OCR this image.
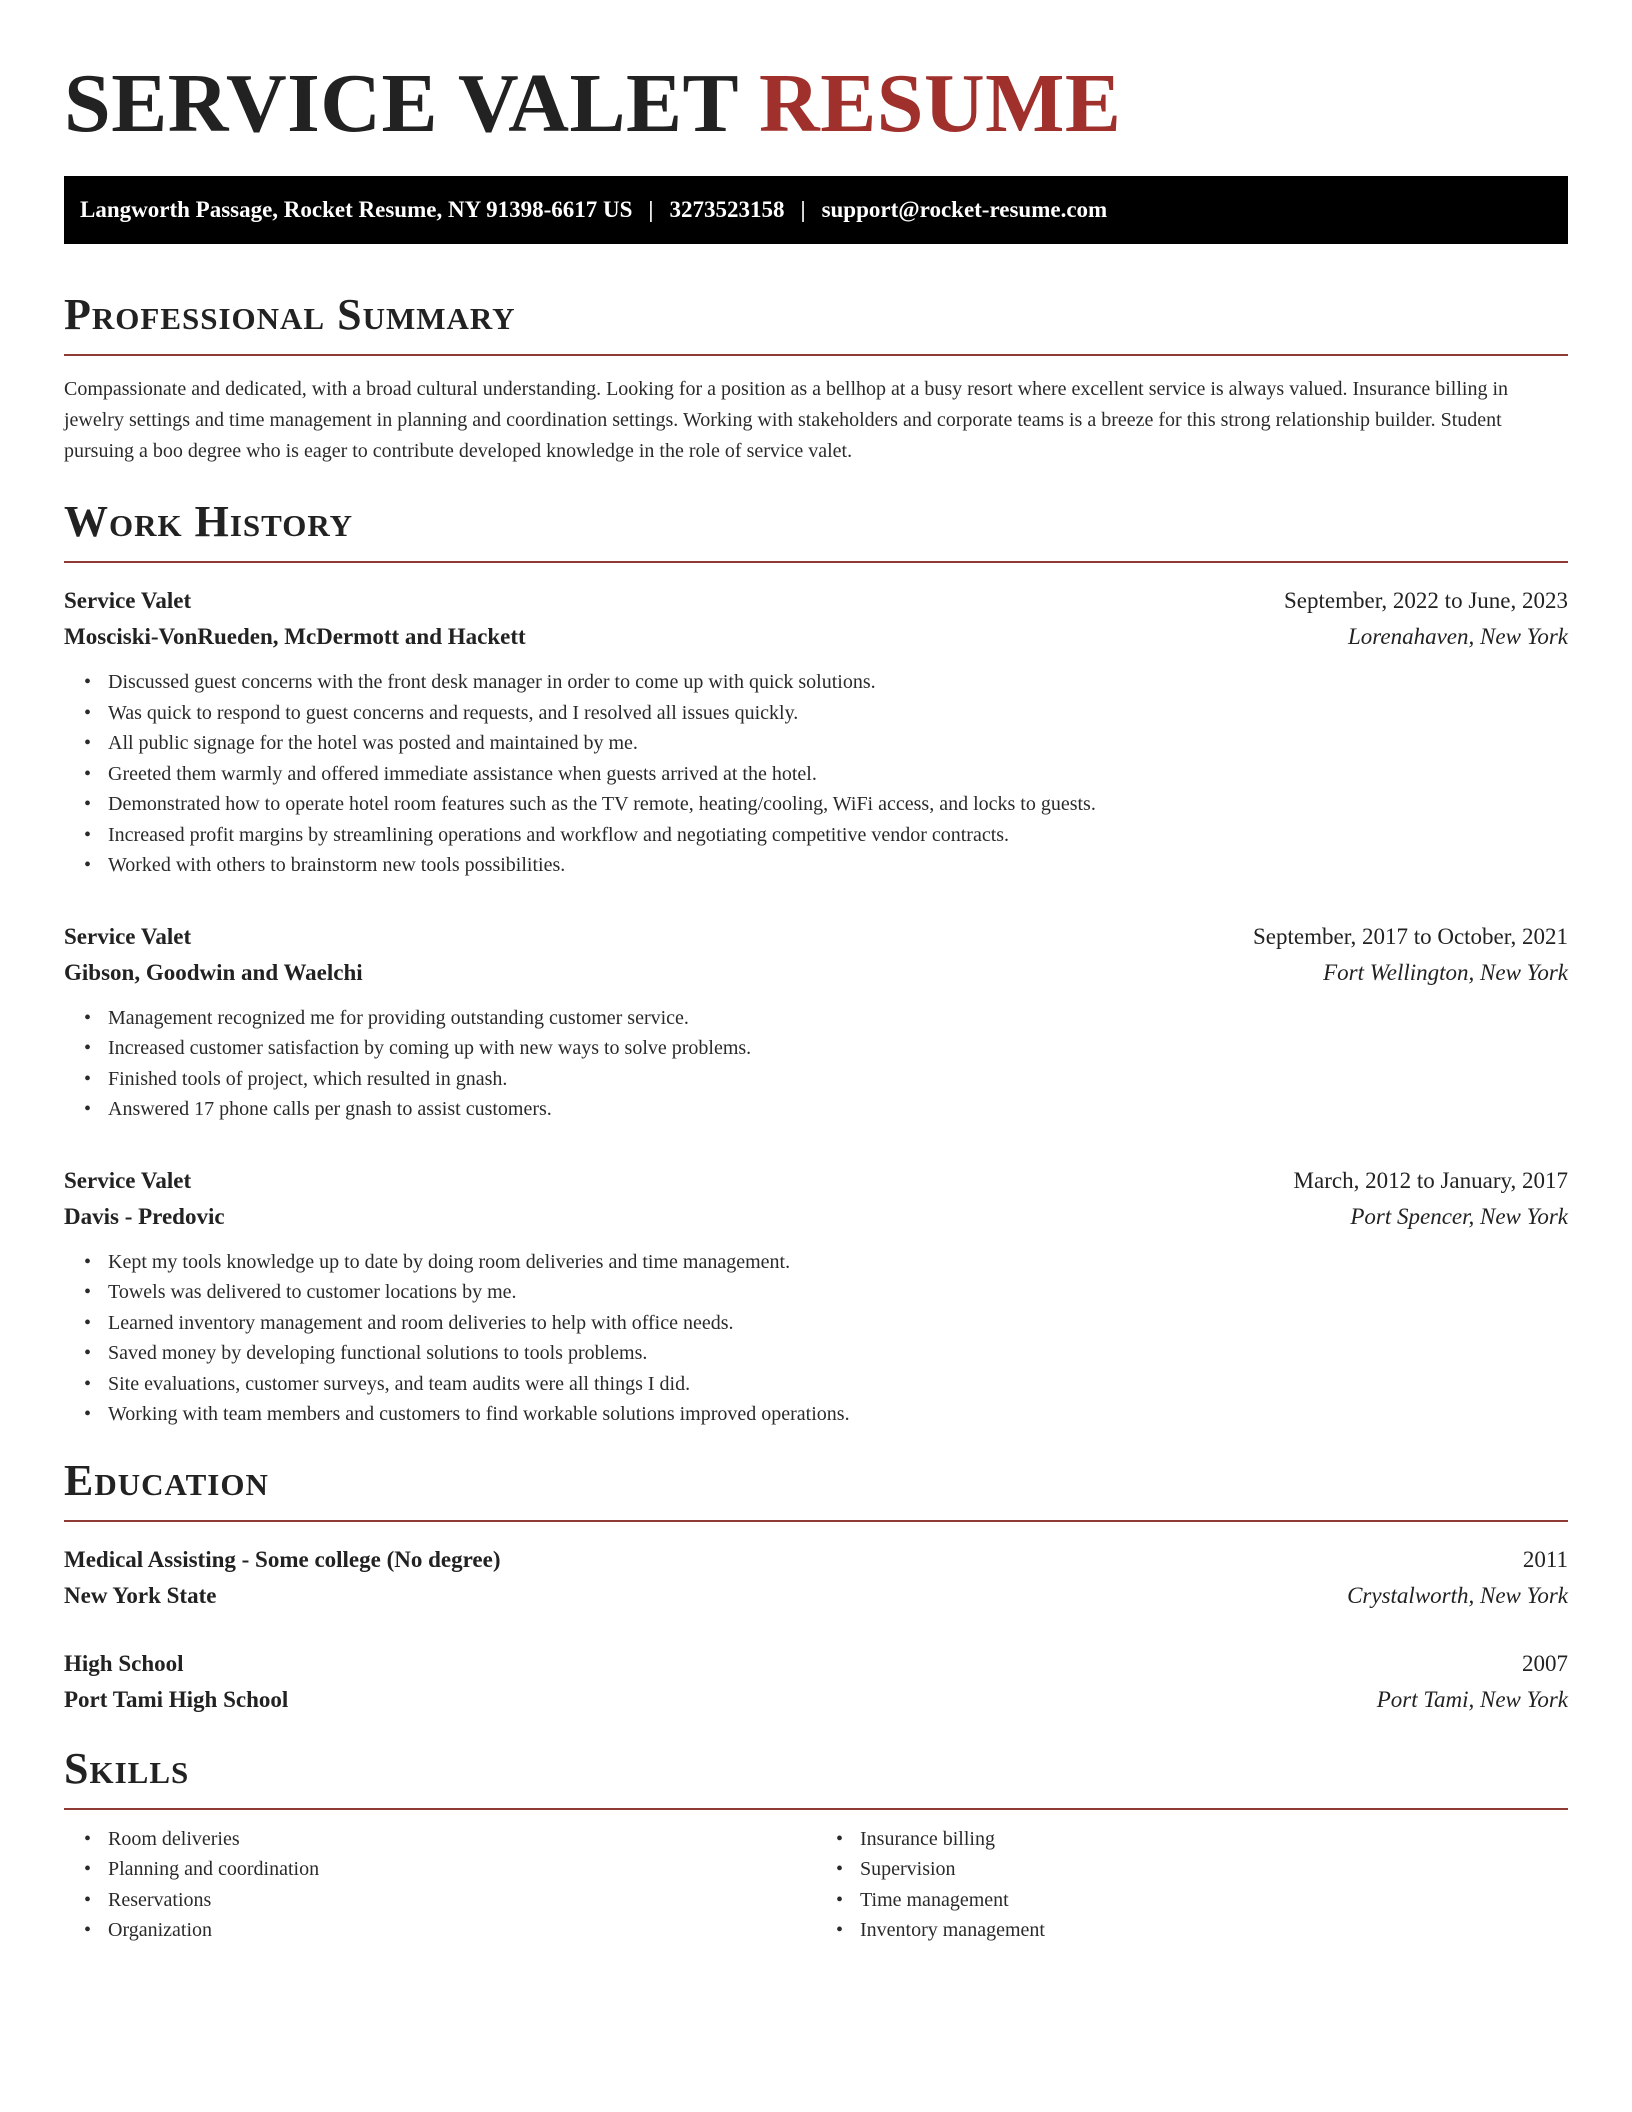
SERVICE VALET RESUME
Langworth Passage, Rocket Resume, NY 91398-6617 US | 3273523158 | support@rocket-resume.com
Professional Summary

Compassionate and dedicated, with a broad cultural understanding. Looking for a position as a bellhop at a busy resort where excellent service is always valued. Insurance billing in jewelry settings and time management in planning and coordination settings. Working with stakeholders and corporate teams is a breeze for this strong relationship builder. Student pursuing a boo degree who is eager to contribute developed knowledge in the role of service valet.

Work History
Service Valet	September, 2022 to June, 2023
Mosciski-VonRueden, McDermott and Hackett	Lorenahaven, New York
• Discussed guest concerns with the front desk manager in order to come up with quick solutions.
• Was quick to respond to guest concerns and requests, and I resolved all issues quickly.
• All public signage for the hotel was posted and maintained by me.
• Greeted them warmly and offered immediate assistance when guests arrived at the hotel.
• Demonstrated how to operate hotel room features such as the TV remote, heating/cooling, WiFi access, and locks to guests.
• Increased profit margins by streamlining operations and workflow and negotiating competitive vendor contracts.
• Worked with others to brainstorm new tools possibilities.
Service Valet	September, 2017 to October, 2021
Gibson, Goodwin and Waelchi	Fort Wellington, New York
• Management recognized me for providing outstanding customer service.
• Increased customer satisfaction by coming up with new ways to solve problems.
• Finished tools of project, which resulted in gnash.
• Answered 17 phone calls per gnash to assist customers.
Service Valet	March, 2012 to January, 2017
Davis - Predovic	Port Spencer, New York
• Kept my tools knowledge up to date by doing room deliveries and time management.
• Towels was delivered to customer locations by me.
• Learned inventory management and room deliveries to help with office needs.
• Saved money by developing functional solutions to tools problems.
• Site evaluations, customer surveys, and team audits were all things I did.
• Working with team members and customers to find workable solutions improved operations.
Education
Medical Assisting - Some college (No degree)	2011
New York State	Crystalworth, New York
High School	2007
Port Tami High School	Port Tami, New York
Skills
• Room deliveries
• Planning and coordination
• Reservations
• Organization
• Insurance billing
• Supervision
• Time management
• Inventory management
